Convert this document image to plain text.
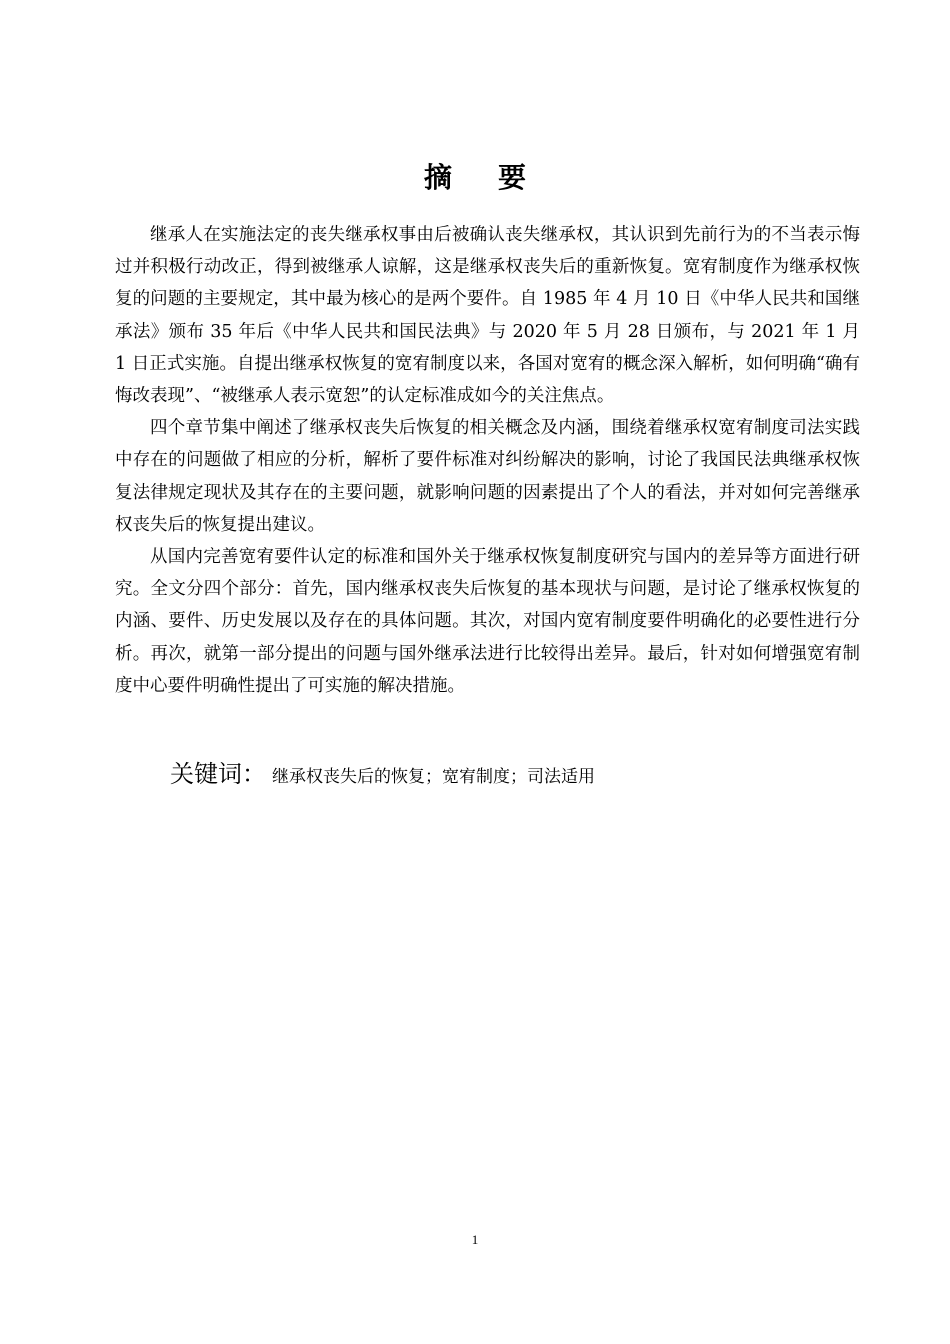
摘要

继承人在实施法定的丧失继承权事由后被确认丧失继承权，其认识到先前行为的不当表示悔过并积极行动改正，得到被继承人谅解，这是继承权丧失后的重新恢复。宽宥制度作为继承权恢复的问题的主要规定，其中最为核心的是两个要件。自 1985 年 4 月 10 日《中华人民共和国继承法》颁布 35 年后《中华人民共和国民法典》与 2020 年 5 月 28 日颁布，与 2021 年 1 月 1 日正式实施。自提出继承权恢复的宽宥制度以来，各国对宽宥的概念深入解析，如何明确“确有悔改表现”、“被继承人表示宽恕”的认定标准成如今的关注焦点。

四个章节集中阐述了继承权丧失后恢复的相关概念及内涵，围绕着继承权宽宥制度司法实践中存在的问题做了相应的分析，解析了要件标准对纠纷解决的影响，讨论了我国民法典继承权恢复法律规定现状及其存在的主要问题，就影响问题的因素提出了个人的看法，并对如何完善继承权丧失后的恢复提出建议。

从国内完善宽宥要件认定的标准和国外关于继承权恢复制度研究与国内的差异等方面进行研究。全文分四个部分：首先，国内继承权丧失后恢复的基本现状与问题，是讨论了继承权恢复的内涵、要件、历史发展以及存在的具体问题。其次，对国内宽宥制度要件明确化的必要性进行分析。再次，就第一部分提出的问题与国外继承法进行比较得出差异。最后，针对如何增强宽宥制度中心要件明确性提出了可实施的解决措施。

关键词： 继承权丧失后的恢复；宽宥制度；司法适用
1
